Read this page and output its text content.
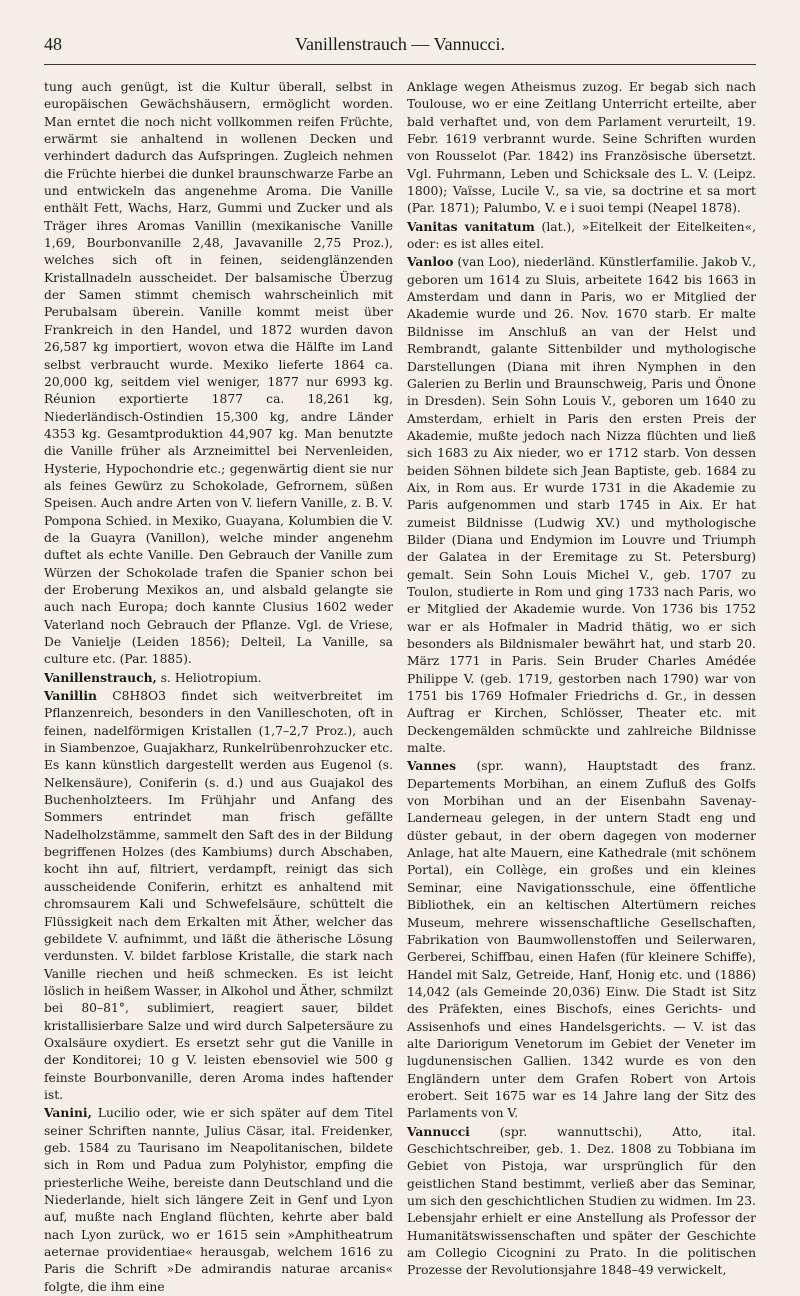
48	Vanillenstrauch — Vannucci.

tung auch genügt, ist die Kultur überall, selbst in europäischen Gewächshäusern, ermöglicht worden. Man erntet die noch nicht vollkommen reifen Früchte, erwärmt sie anhaltend in wollenen Decken und verhindert dadurch das Aufspringen. Zugleich nehmen die Früchte hierbei die dunkel braunschwarze Farbe an und entwickeln das angenehme Aroma. Die Vanille enthält Fett, Wachs, Harz, Gummi und Zucker und als Träger ihres Aromas Vanillin (mexikanische Vanille 1,69, Bourbonvanille 2,48, Javavanille 2,75 Proz.), welches sich oft in feinen, seidenglänzenden Kristallnadeln ausscheidet. Der balsamische Überzug der Samen stimmt chemisch wahrscheinlich mit Perubalsam überein. Vanille kommt meist über Frankreich in den Handel, und 1872 wurden davon 26,587 kg importiert, wovon etwa die Hälfte im Land selbst verbraucht wurde. Mexiko lieferte 1864 ca. 20,000 kg, seitdem viel weniger, 1877 nur 6993 kg. Réunion exportierte 1877 ca. 18,261 kg, Niederländisch-Ostindien 15,300 kg, andre Länder 4353 kg. Gesamtproduktion 44,907 kg. Man benutzte die Vanille früher als Arzneimittel bei Nervenleiden, Hysterie, Hypochondrie etc.; gegenwärtig dient sie nur als feines Gewürz zu Schokolade, Gefrornem, süßen Speisen. Auch andre Arten von V. liefern Vanille, z. B. V. Pompona Schied. in Mexiko, Guayana, Kolumbien die V. de la Guayra (Vanillon), welche minder angenehm duftet als echte Vanille. Den Gebrauch der Vanille zum Würzen der Schokolade trafen die Spanier schon bei der Eroberung Mexikos an, und alsbald gelangte sie auch nach Europa; doch kannte Clusius 1602 weder Vaterland noch Gebrauch der Pflanze. Vgl. de Vriese, De Vanielje (Leiden 1856); Delteil, La Vanille, sa culture etc. (Par. 1885).

Vanillenstrauch, s. Heliotropium.

Vanillin C8H8O3 findet sich weitverbreitet im Pflanzenreich, besonders in den Vanilleschoten, oft in feinen, nadelförmigen Kristallen (1,7–2,7 Proz.), auch in Siambenzoe, Guajakharz, Runkelrübenrohzucker etc. Es kann künstlich dargestellt werden aus Eugenol (s. Nelkensäure), Coniferin (s. d.) und aus Guajakol des Buchenholzteers. Im Frühjahr und Anfang des Sommers entrindet man frisch gefällte Nadelholzstämme, sammelt den Saft des in der Bildung begriffenen Holzes (des Kambiums) durch Abschaben, kocht ihn auf, filtriert, verdampft, reinigt das sich ausscheidende Coniferin, erhitzt es anhaltend mit chromsaurem Kali und Schwefelsäure, schüttelt die Flüssigkeit nach dem Erkalten mit Äther, welcher das gebildete V. aufnimmt, und läßt die ätherische Lösung verdunsten. V. bildet farblose Kristalle, die stark nach Vanille riechen und heiß schmecken. Es ist leicht löslich in heißem Wasser, in Alkohol und Äther, schmilzt bei 80–81°, sublimiert, reagiert sauer, bildet kristallisierbare Salze und wird durch Salpetersäure zu Oxalsäure oxydiert. Es ersetzt sehr gut die Vanille in der Konditorei; 10 g V. leisten ebensoviel wie 500 g feinste Bourbonvanille, deren Aroma indes haftender ist.

Vanini, Lucilio oder, wie er sich später auf dem Titel seiner Schriften nannte, Julius Cäsar, ital. Freidenker, geb. 1584 zu Taurisano im Neapolitanischen, bildete sich in Rom und Padua zum Polyhistor, empfing die priesterliche Weihe, bereiste dann Deutschland und die Niederlande, hielt sich längere Zeit in Genf und Lyon auf, mußte nach England flüchten, kehrte aber bald nach Lyon zurück, wo er 1615 sein »Amphitheatrum aeternae providentiae« herausgab, welchem 1616 zu Paris die Schrift »De admirandis naturae arcanis« folgte, die ihm eine

Anklage wegen Atheismus zuzog. Er begab sich nach Toulouse, wo er eine Zeitlang Unterricht erteilte, aber bald verhaftet und, von dem Parlament verurteilt, 19. Febr. 1619 verbrannt wurde. Seine Schriften wurden von Rousselot (Par. 1842) ins Französische übersetzt. Vgl. Fuhrmann, Leben und Schicksale des L. V. (Leipz. 1800); Vaïsse, Lucile V., sa vie, sa doctrine et sa mort (Par. 1871); Palumbo, V. e i suoi tempi (Neapel 1878).

Vanitas vanitatum (lat.), »Eitelkeit der Eitelkeiten«, oder: es ist alles eitel.

Vanloo (van Loo), niederländ. Künstlerfamilie. Jakob V., geboren um 1614 zu Sluis, arbeitete 1642 bis 1663 in Amsterdam und dann in Paris, wo er Mitglied der Akademie wurde und 26. Nov. 1670 starb. Er malte Bildnisse im Anschluß an van der Helst und Rembrandt, galante Sittenbilder und mythologische Darstellungen (Diana mit ihren Nymphen in den Galerien zu Berlin und Braunschweig, Paris und Önone in Dresden). Sein Sohn Louis V., geboren um 1640 zu Amsterdam, erhielt in Paris den ersten Preis der Akademie, mußte jedoch nach Nizza flüchten und ließ sich 1683 zu Aix nieder, wo er 1712 starb. Von dessen beiden Söhnen bildete sich Jean Baptiste, geb. 1684 zu Aix, in Rom aus. Er wurde 1731 in die Akademie zu Paris aufgenommen und starb 1745 in Aix. Er hat zumeist Bildnisse (Ludwig XV.) und mythologische Bilder (Diana und Endymion im Louvre und Triumph der Galatea in der Eremitage zu St. Petersburg) gemalt. Sein Sohn Louis Michel V., geb. 1707 zu Toulon, studierte in Rom und ging 1733 nach Paris, wo er Mitglied der Akademie wurde. Von 1736 bis 1752 war er als Hofmaler in Madrid thätig, wo er sich besonders als Bildnismaler bewährt hat, und starb 20. März 1771 in Paris. Sein Bruder Charles Amédée Philippe V. (geb. 1719, gestorben nach 1790) war von 1751 bis 1769 Hofmaler Friedrichs d. Gr., in dessen Auftrag er Kirchen, Schlösser, Theater etc. mit Deckengemälden schmückte und zahlreiche Bildnisse malte.

Vannes (spr. wann), Hauptstadt des franz. Departements Morbihan, an einem Zufluß des Golfs von Morbihan und an der Eisenbahn Savenay-Landerneau gelegen, in der untern Stadt eng und düster gebaut, in der obern dagegen von moderner Anlage, hat alte Mauern, eine Kathedrale (mit schönem Portal), ein Collège, ein großes und ein kleines Seminar, eine Navigationsschule, eine öffentliche Bibliothek, ein an keltischen Altertümern reiches Museum, mehrere wissenschaftliche Gesellschaften, Fabrikation von Baumwollenstoffen und Seilerwaren, Gerberei, Schiffbau, einen Hafen (für kleinere Schiffe), Handel mit Salz, Getreide, Hanf, Honig etc. und (1886) 14,042 (als Gemeinde 20,036) Einw. Die Stadt ist Sitz des Präfekten, eines Bischofs, eines Gerichts- und Assisenhofs und eines Handelsgerichts. — V. ist das alte Dariorigum Venetorum im Gebiet der Veneter im lugdunensischen Gallien. 1342 wurde es von den Engländern unter dem Grafen Robert von Artois erobert. Seit 1675 war es 14 Jahre lang der Sitz des Parlaments von V.

Vannucci (spr. wannuttschi), Atto, ital. Geschichtschreiber, geb. 1. Dez. 1808 zu Tobbiana im Gebiet von Pistoja, war ursprünglich für den geistlichen Stand bestimmt, verließ aber das Seminar, um sich den geschichtlichen Studien zu widmen. Im 23. Lebensjahr erhielt er eine Anstellung als Professor der Humanitätswissenschaften und später der Geschichte am Collegio Cicognini zu Prato. In die politischen Prozesse der Revolutionsjahre 1848–49 verwickelt,
